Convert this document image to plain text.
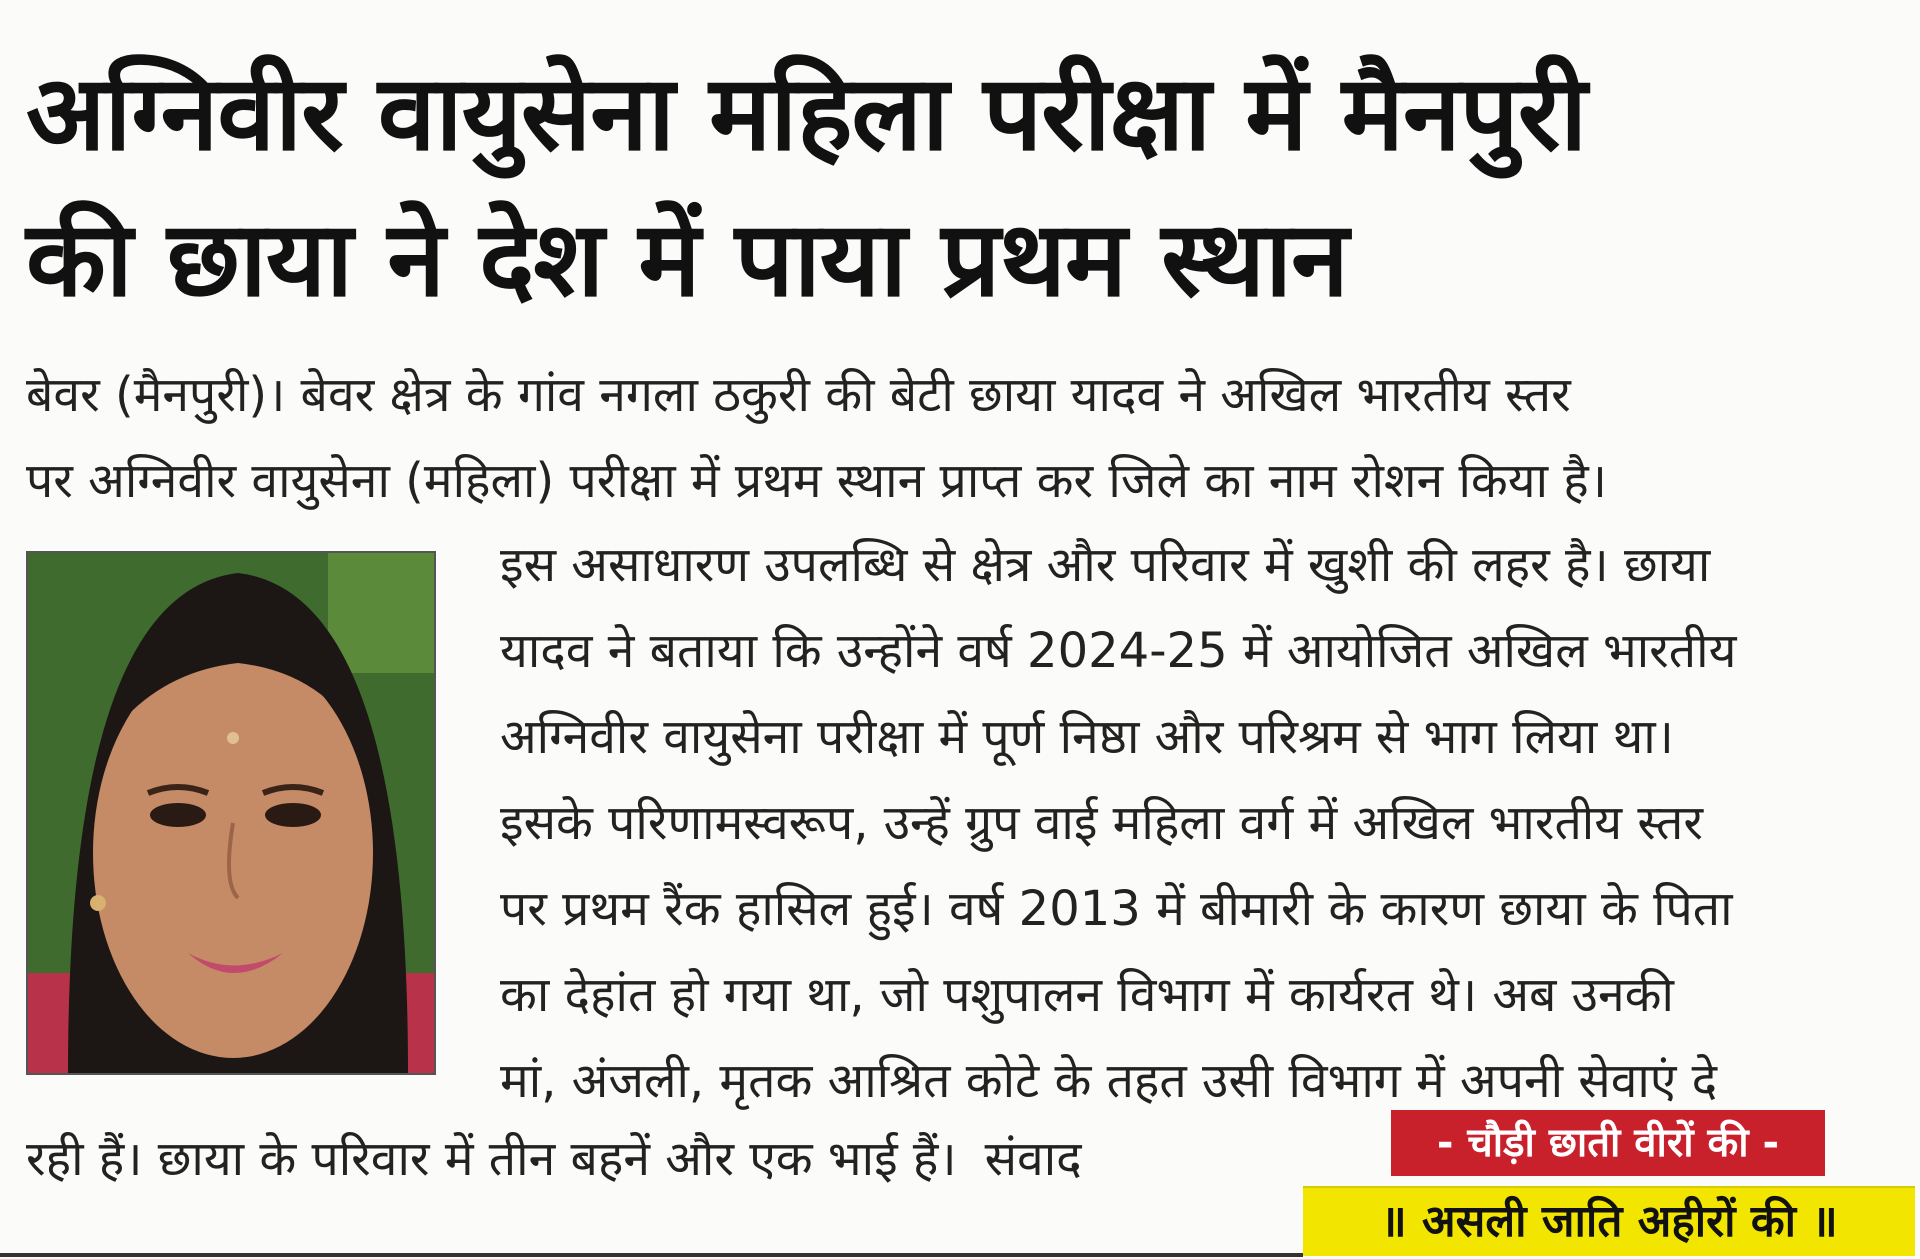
अग्निवीर वायुसेना महिला परीक्षा में मैनपुरी
की छाया ने देश में पाया प्रथम स्थान
बेवर (मैनपुरी)। बेवर क्षेत्र के गांव नगला ठकुरी की बेटी छाया यादव ने अखिल भारतीय स्तर
पर अग्निवीर वायुसेना (महिला) परीक्षा में प्रथम स्थान प्राप्त कर जिले का नाम रोशन किया है।
इस असाधारण उपलब्धि से क्षेत्र और परिवार में खुशी की लहर है। छाया
यादव ने बताया कि उन्होंने वर्ष 2024-25 में आयोजित अखिल भारतीय
अग्निवीर वायुसेना परीक्षा में पूर्ण निष्ठा और परिश्रम से भाग लिया था।
इसके परिणामस्वरूप, उन्हें ग्रुप वाई महिला वर्ग में अखिल भारतीय स्तर
पर प्रथम रैंक हासिल हुई। वर्ष 2013 में बीमारी के कारण छाया के पिता
का देहांत हो गया था, जो पशुपालन विभाग में कार्यरत थे। अब उनकी
मां, अंजली, मृतक आश्रित कोटे के तहत उसी विभाग में अपनी सेवाएं दे
रही हैं। छाया के परिवार में तीन बहनें और एक भाई हैं। संवाद	- चौड़ी छाती वीरों की -
॥ असली जाति अहीरों की ॥
